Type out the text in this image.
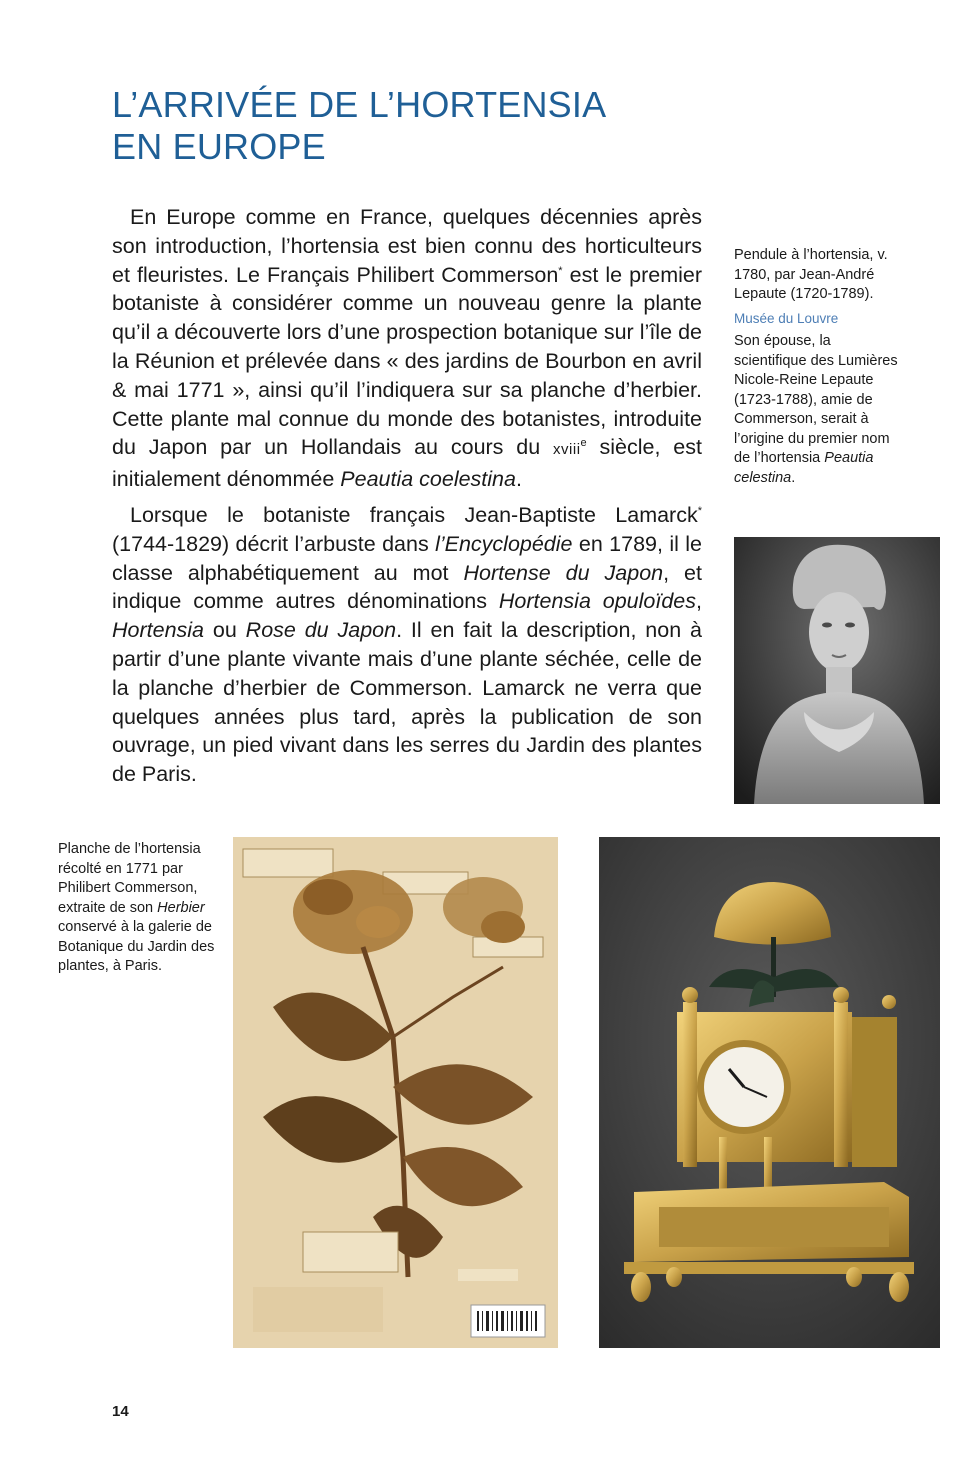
L’ARRIVÉE DE L’HORTENSIA
EN EUROPE

En Europe comme en France, quelques décennies après son introduction, l’hortensia est bien connu des horticulteurs et fleuristes. Le Français Philibert Commerson* est le premier botaniste à considérer comme un nouveau genre la plante qu’il a découverte lors d’une prospection botanique sur l’île de la Réunion et prélevée dans « des jardins de Bourbon en avril & mai 1771 », ainsi qu’il l’indiquera sur sa planche d’herbier. Cette plante mal connue du monde des botanistes, introduite du Japon par un Hollandais au cours du xviii$^e$ siècle, est initialement dénommée Peautia coelestina.

Lorsque le botaniste français Jean-Baptiste Lamarck* (1744-1829) décrit l’arbuste dans l’Encyclopédie en 1789, il le classe alphabétiquement au mot Hortense du Japon, et indique comme autres dénominations Hortensia opuloïdes, Hortensia ou Rose du Japon. Il en fait la description, non à partir d’une plante vivante mais d’une plante séchée, celle de la planche d’herbier de Commerson. Lamarck ne verra que quelques années plus tard, après la publication de son ouvrage, un pied vivant dans les serres du Jardin des plantes de Paris.

Pendule à l’hortensia, v. 1780, par Jean-André Lepaute (1720-1789).

Musée du Louvre

Son épouse, la scientifique des Lumières Nicole-Reine Lepaute (1723-1788), amie de Commerson, serait à l’origine du premier nom de l’hortensia Peautia celestina.

Planche de l’hortensia récolté en 1771 par Philibert Commerson, extraite de son Herbier conservé à la galerie de Botanique du Jardin des plantes, à Paris.

14
